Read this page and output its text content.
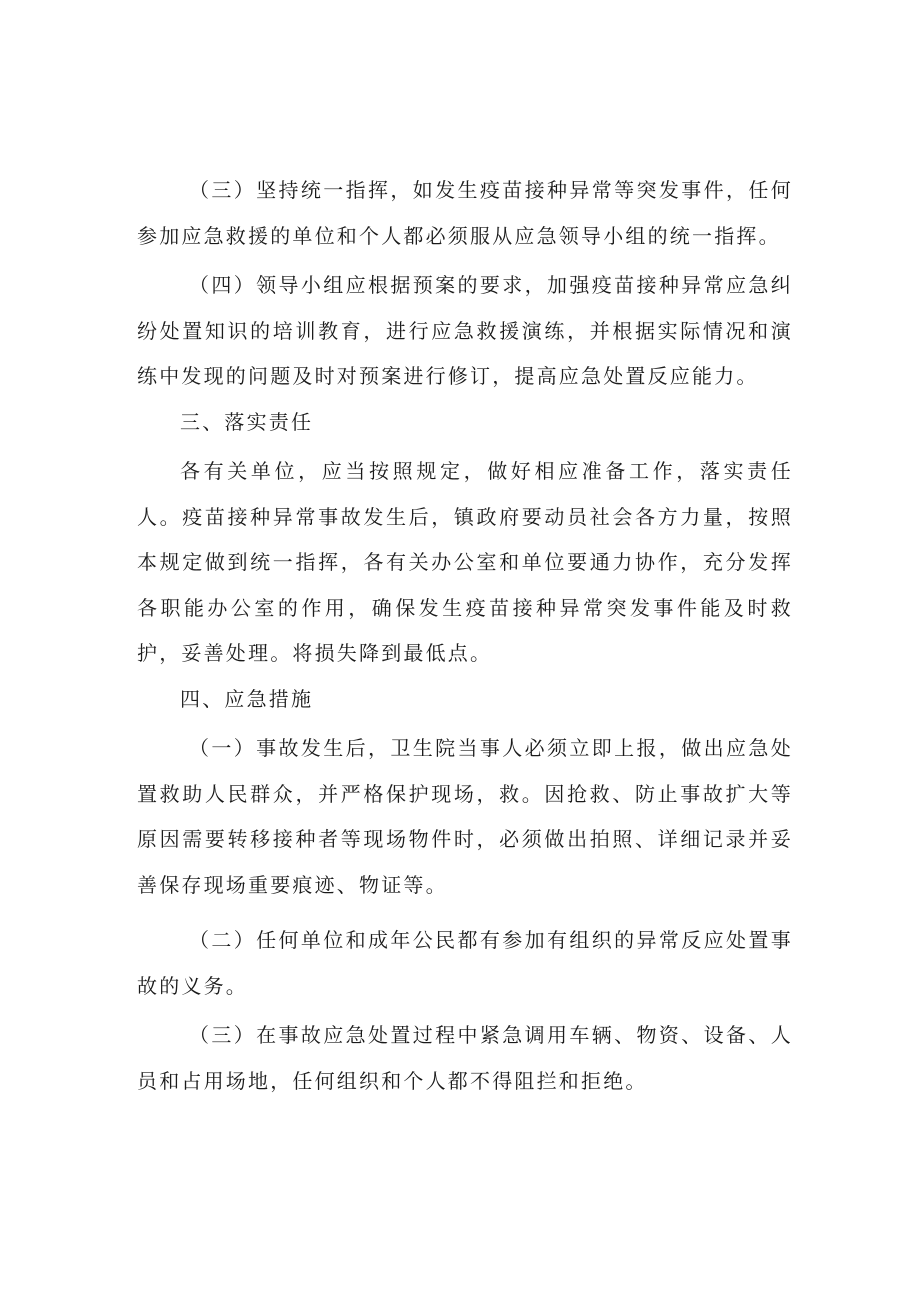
（三）坚持统一指挥，如发生疫苗接种异常等突发事件，任何参加应急救援的单位和个人都必须服从应急领导小组的统一指挥。

（四）领导小组应根据预案的要求，加强疫苗接种异常应急纠纷处置知识的培训教育，进行应急救援演练，并根据实际情况和演练中发现的问题及时对预案进行修订，提高应急处置反应能力。

三、落实责任

各有关单位，应当按照规定，做好相应准备工作，落实责任人。疫苗接种异常事故发生后，镇政府要动员社会各方力量，按照本规定做到统一指挥，各有关办公室和单位要通力协作，充分发挥各职能办公室的作用，确保发生疫苗接种异常突发事件能及时救护，妥善处理。将损失降到最低点。

四、应急措施

（一）事故发生后，卫生院当事人必须立即上报，做出应急处置救助人民群众，并严格保护现场，救。因抢救、防止事故扩大等原因需要转移接种者等现场物件时，必须做出拍照、详细记录并妥善保存现场重要痕迹、物证等。

（二）任何单位和成年公民都有参加有组织的异常反应处置事故的义务。

（三）在事故应急处置过程中紧急调用车辆、物资、设备、人员和占用场地，任何组织和个人都不得阻拦和拒绝。
